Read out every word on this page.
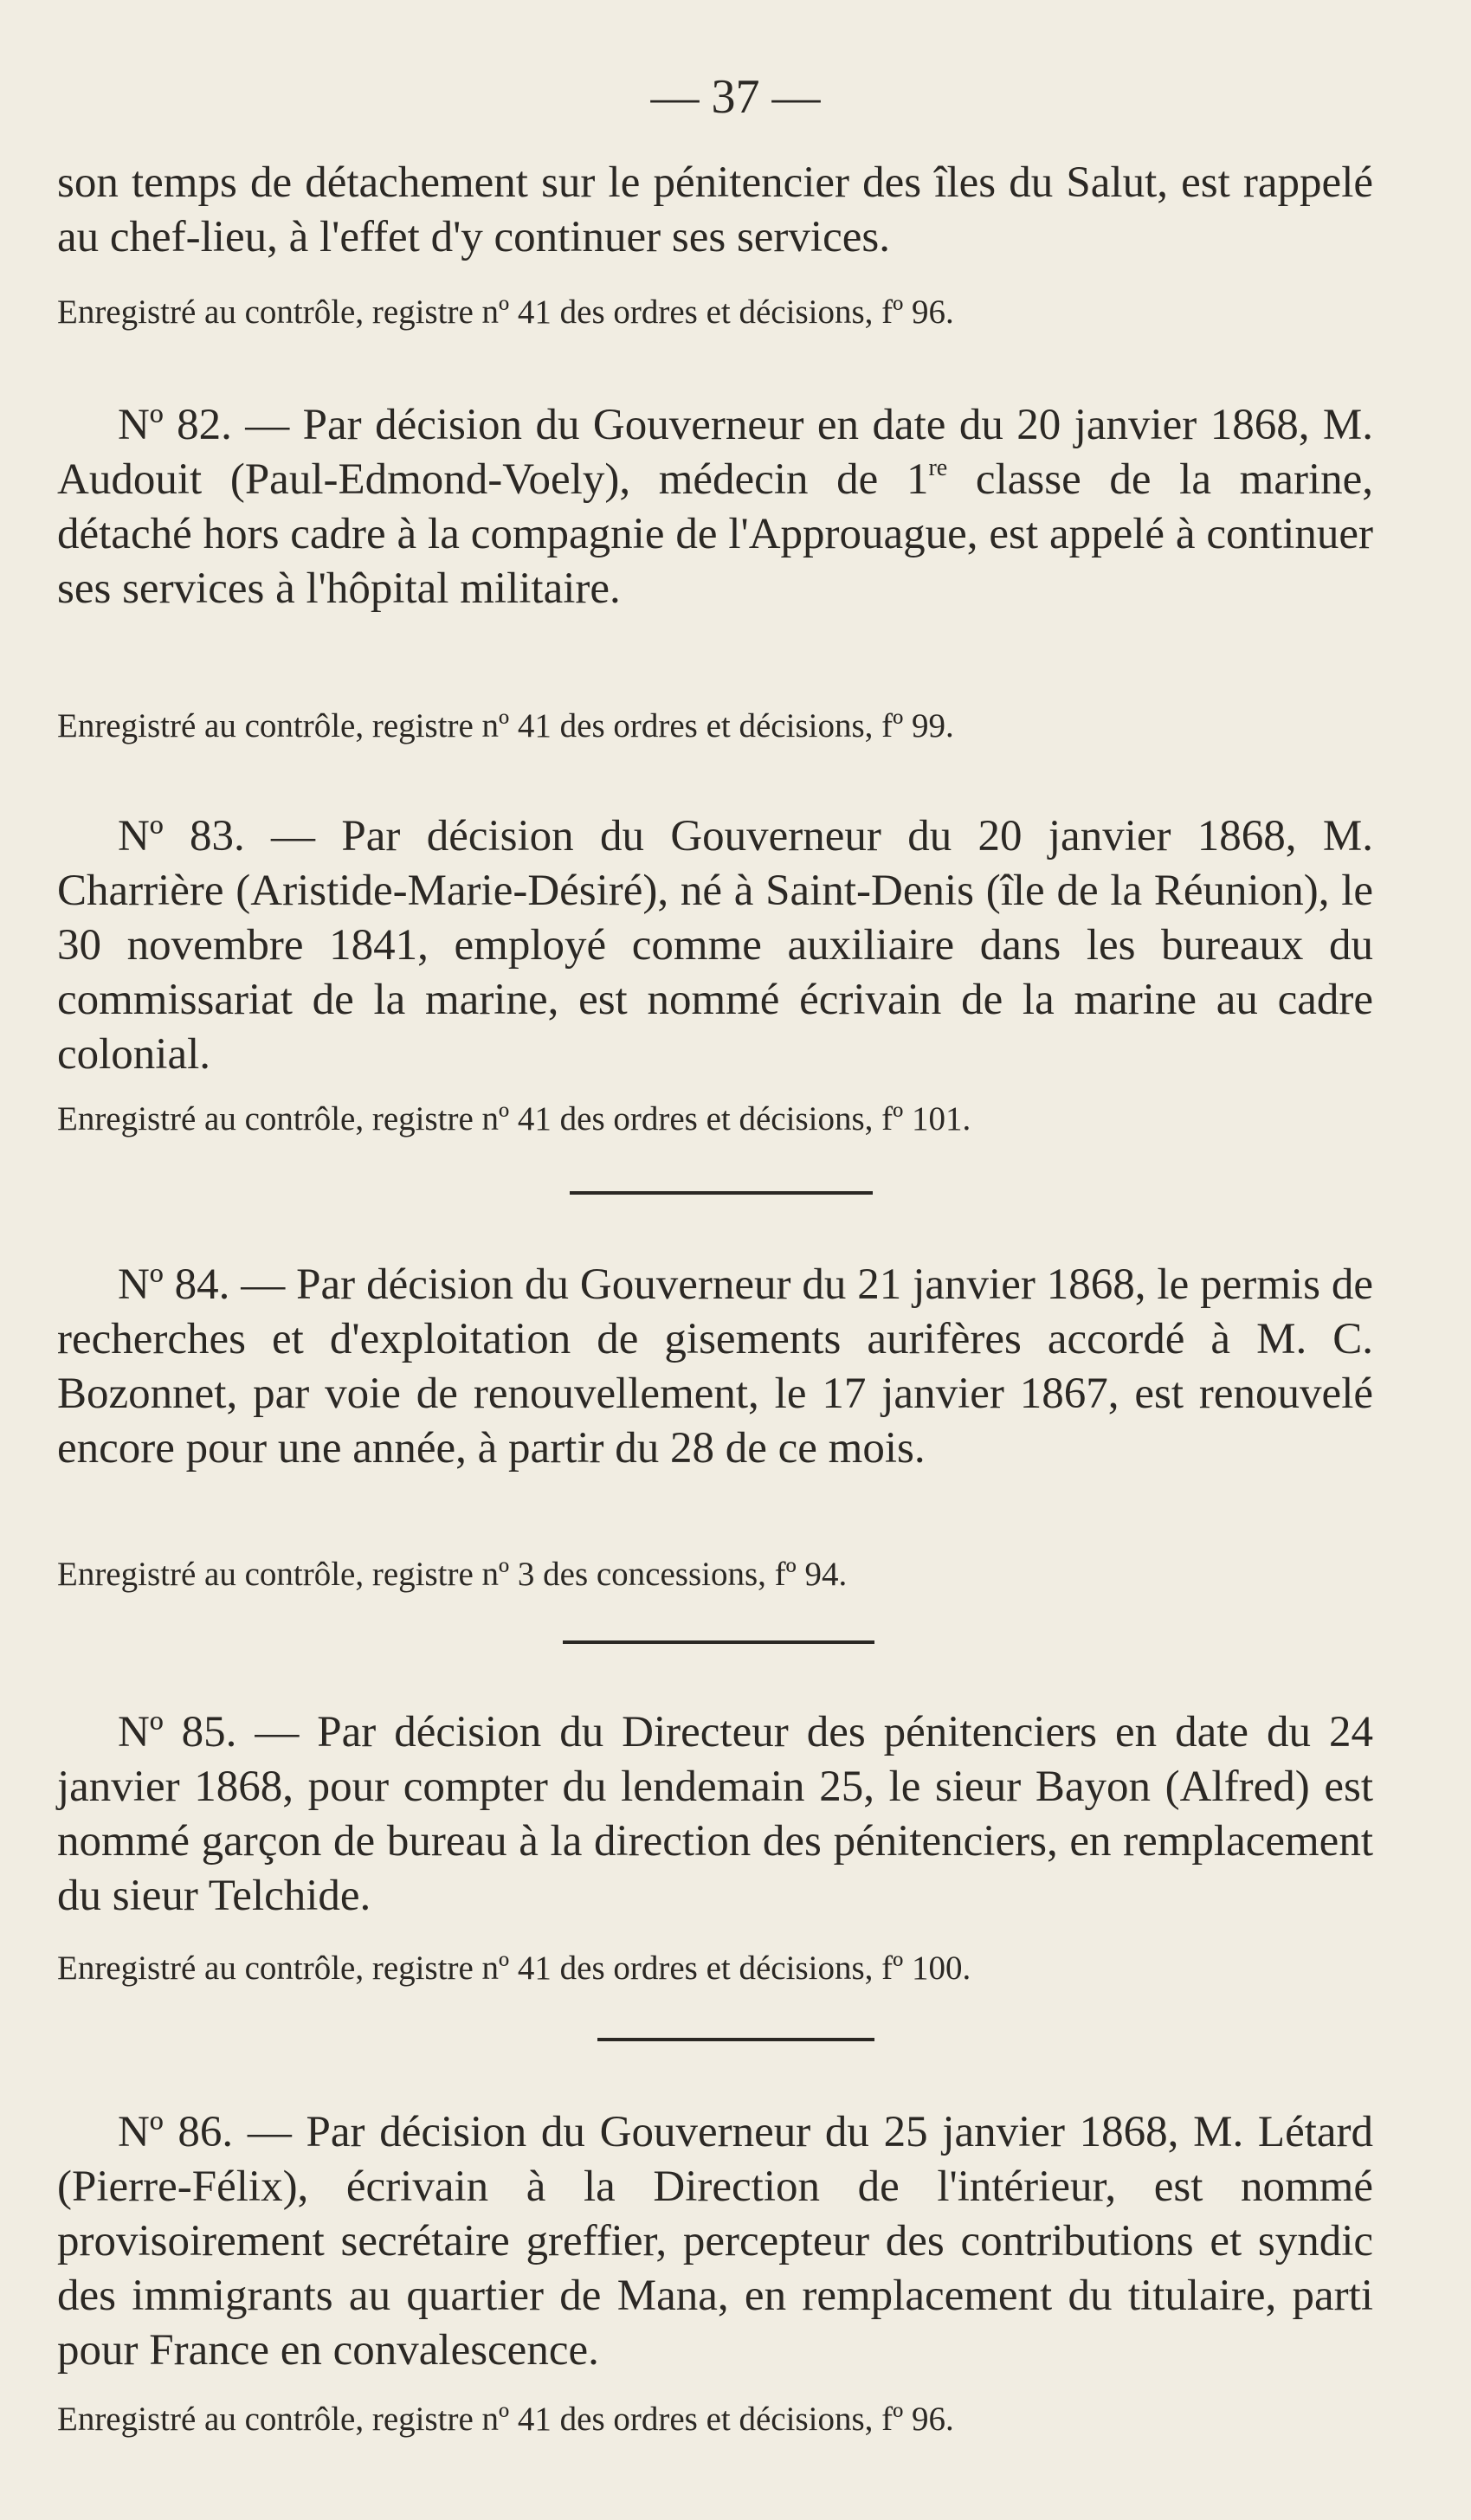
— 37 —
son temps de détachement sur le pénitencier des îles du Salut, est rappelé au chef-lieu, à l'effet d'y continuer ses services.
Enregistré au contrôle, registre nº 41 des ordres et décisions, fº 96.
Nº 82. — Par décision du Gouverneur en date du 20 janvier 1868, M. Audouit (Paul-Edmond-Voely), médecin de 1re classe de la marine, détaché hors cadre à la compagnie de l'Approuague, est appelé à continuer ses services à l'hôpital militaire.
Enregistré au contrôle, registre nº 41 des ordres et décisions, fº 99.
Nº 83. — Par décision du Gouverneur du 20 janvier 1868, M. Charrière (Aristide-Marie-Désiré), né à Saint-Denis (île de la Réunion), le 30 novembre 1841, employé comme auxiliaire dans les bureaux du commissariat de la marine, est nommé écrivain de la marine au cadre colonial.
Enregistré au contrôle, registre nº 41 des ordres et décisions, fº 101.
Nº 84. — Par décision du Gouverneur du 21 janvier 1868, le permis de recherches et d'exploitation de gisements aurifères accordé à M. C. Bozonnet, par voie de renouvellement, le 17 janvier 1867, est renouvelé encore pour une année, à partir du 28 de ce mois.
Enregistré au contrôle, registre nº 3 des concessions, fº 94.
Nº 85. — Par décision du Directeur des pénitenciers en date du 24 janvier 1868, pour compter du lendemain 25, le sieur Bayon (Alfred) est nommé garçon de bureau à la direction des pénitenciers, en remplacement du sieur Telchide.
Enregistré au contrôle, registre nº 41 des ordres et décisions, fº 100.
Nº 86. — Par décision du Gouverneur du 25 janvier 1868, M. Létard (Pierre-Félix), écrivain à la Direction de l'intérieur, est nommé provisoirement secrétaire greffier, percepteur des contributions et syndic des immigrants au quartier de Mana, en remplacement du titulaire, parti pour France en convalescence.
Enregistré au contrôle, registre nº 41 des ordres et décisions, fº 96.
